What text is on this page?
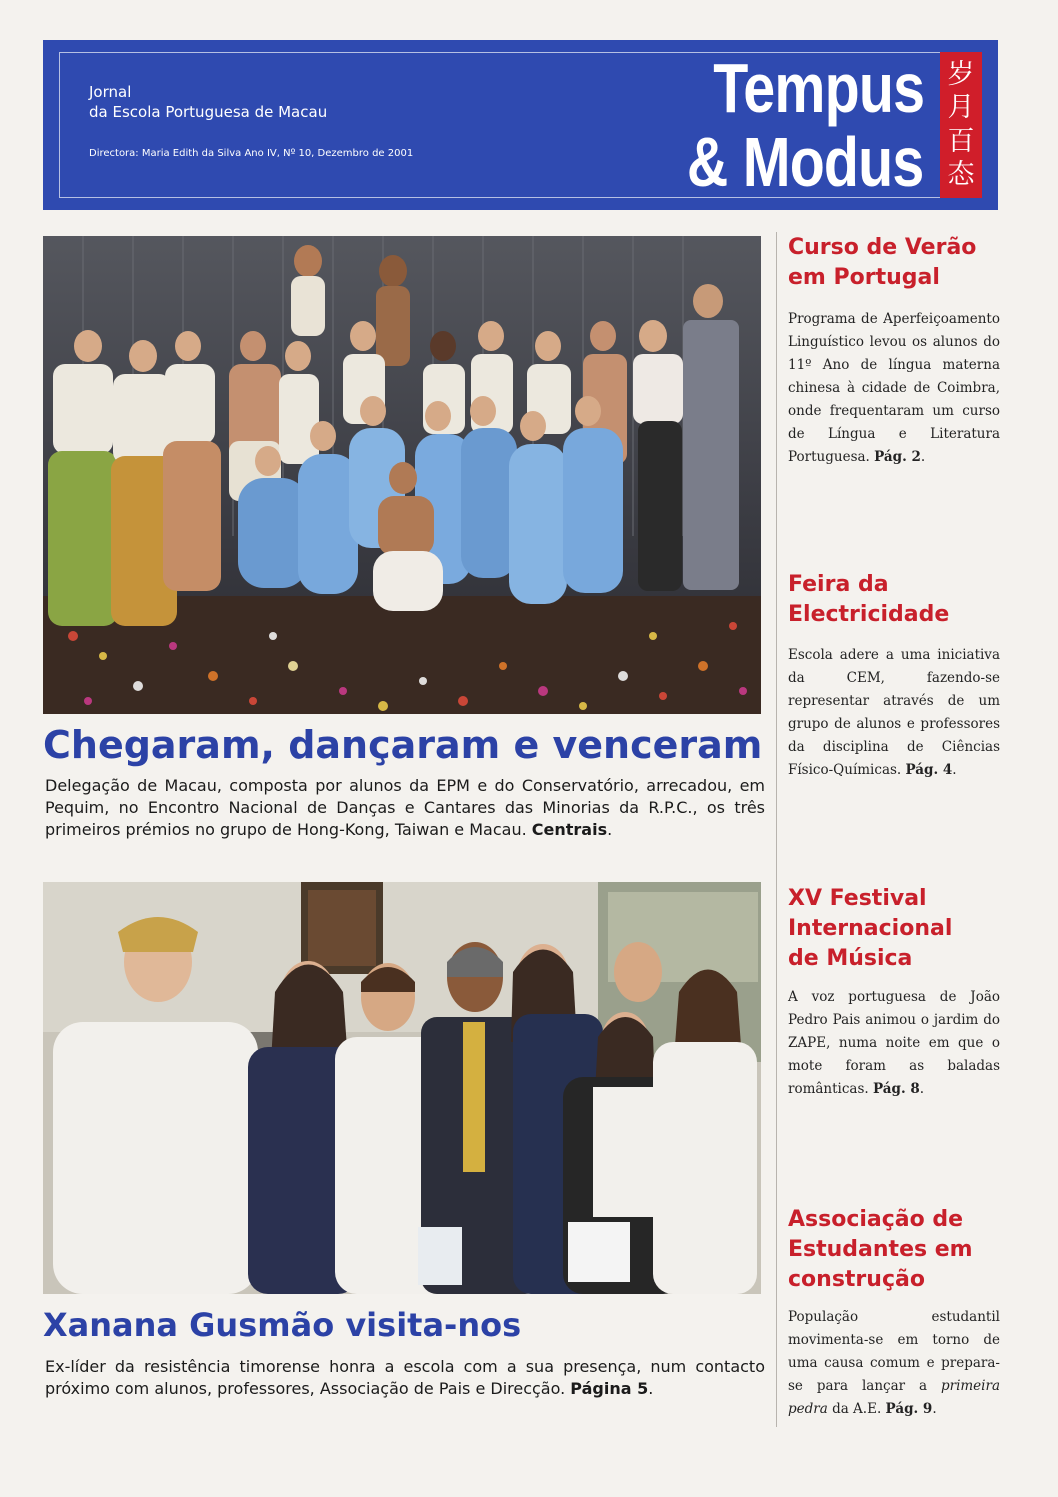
Jornal
da Escola Portuguesa de Macau
Directora: Maria Edith da Silva Ano IV, Nº 10, Dezembro de 2001
Tempus
& Modus
岁
月
百
态
Chegaram, dançaram e venceram

Delegação de Macau, composta por alunos da EPM e do Conservatório, arrecadou, em Pequim, no Encontro Nacional de Danças e Cantares das Minorias da R.P.C., os três primeiros prémios no grupo de Hong-Kong, Taiwan e Macau. Centrais.

Xanana Gusmão visita-nos

Ex-líder da resistência timorense honra a escola com a sua presença, num contacto próximo com alunos, professores, Associação de Pais e Direcção. Página 5.

Curso de Verão em Portugal

Programa de Aperfeiçoamento Linguístico levou os alunos do 11º Ano de língua materna chinesa à cidade de Coimbra, onde frequentaram um curso de Língua e Literatura Portuguesa. Pág. 2.

Feira da Electricidade

Escola adere a uma iniciativa da CEM, fazendo-se representar através de um grupo de alunos e professores da disciplina de Ciências Físico-Químicas. Pág. 4.

XV Festival Internacional de Música

A voz portuguesa de João Pedro Pais animou o jardim do ZAPE, numa noite em que o mote foram as baladas românticas. Pág. 8.

Associação de Estudantes em construção

População estudantil movimenta-se em torno de uma causa comum e prepara-se para lançar a primeira pedra da A.E. Pág. 9.
